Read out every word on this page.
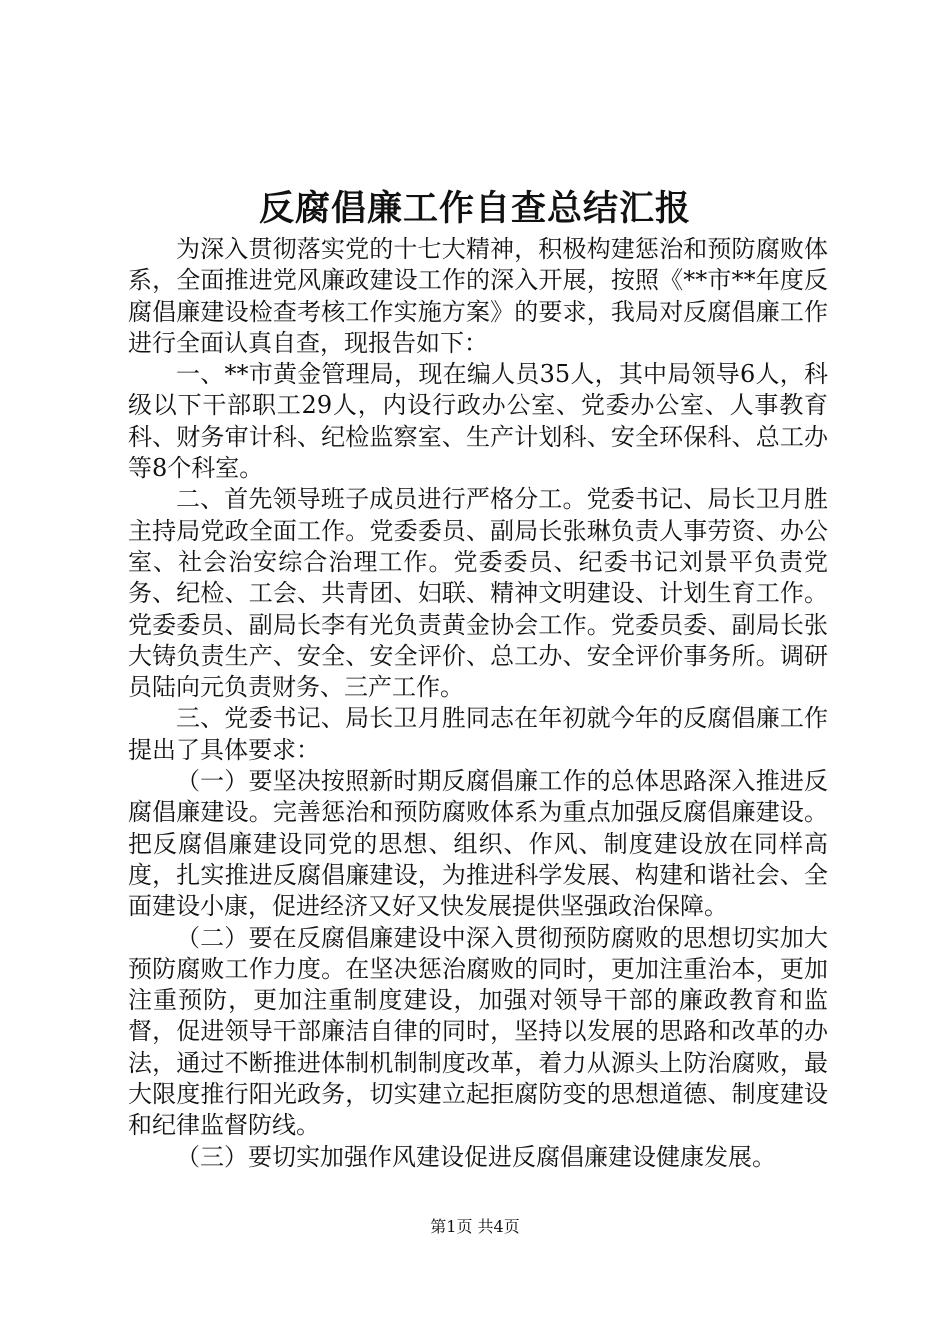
反腐倡廉工作自查总结汇报

为深入贯彻落实党的十七大精神，积极构建惩治和预防腐败体系，全面推进党风廉政建设工作的深入开展，按照《**市**年度反腐倡廉建设检查考核工作实施方案》的要求，我局对反腐倡廉工作进行全面认真自查，现报告如下：

一、**市黄金管理局，现在编人员35人，其中局领导6人，科级以下干部职工29人，内设行政办公室、党委办公室、人事教育科、财务审计科、纪检监察室、生产计划科、安全环保科、总工办等8个科室。

二、首先领导班子成员进行严格分工。党委书记、局长卫月胜主持局党政全面工作。党委委员、副局长张琳负责人事劳资、办公室、社会治安综合治理工作。党委委员、纪委书记刘景平负责党务、纪检、工会、共青团、妇联、精神文明建设、计划生育工作。党委委员、副局长李有光负责黄金协会工作。党委员委、副局长张大铸负责生产、安全、安全评价、总工办、安全评价事务所。调研员陆向元负责财务、三产工作。

三、党委书记、局长卫月胜同志在年初就今年的反腐倡廉工作提出了具体要求：

（一）要坚决按照新时期反腐倡廉工作的总体思路深入推进反腐倡廉建设。完善惩治和预防腐败体系为重点加强反腐倡廉建设。把反腐倡廉建设同党的思想、组织、作风、制度建设放在同样高度，扎实推进反腐倡廉建设，为推进科学发展、构建和谐社会、全面建设小康，促进经济又好又快发展提供坚强政治保障。

（二）要在反腐倡廉建设中深入贯彻预防腐败的思想切实加大预防腐败工作力度。在坚决惩治腐败的同时，更加注重治本，更加注重预防，更加注重制度建设，加强对领导干部的廉政教育和监督，促进领导干部廉洁自律的同时，坚持以发展的思路和改革的办法，通过不断推进体制机制制度改革，着力从源头上防治腐败，最大限度推行阳光政务，切实建立起拒腐防变的思想道德、制度建设和纪律监督防线。

（三）要切实加强作风建设促进反腐倡廉建设健康发展。

第1页 共4页
